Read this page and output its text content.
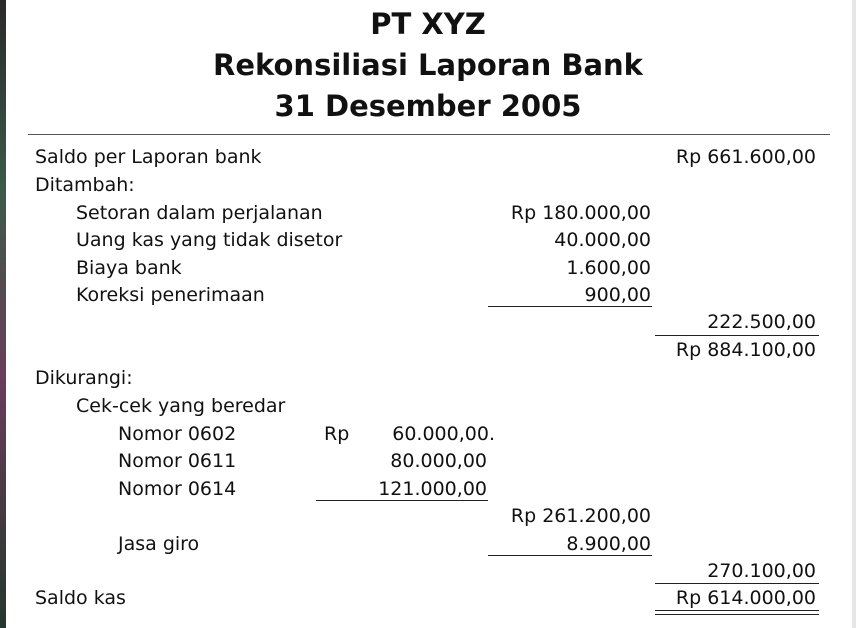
PT XYZ
Rekonsiliasi Laporan Bank
31 Desember 2005
Saldo per Laporan bank	Rp 661.600,00
Ditambah:
Setoran dalam perjalanan	Rp 180.000,00
Uang kas yang tidak disetor	40.000,00
Biaya bank	1.600,00
Koreksi penerimaan	900,00
222.500,00
Rp 884.100,00
Dikurangi:
Cek-cek yang beredar
Nomor 0602	Rp	60.000,00.
Nomor 0611	80.000,00
Nomor 0614	121.000,00
Rp 261.200,00
Jasa giro	8.900,00
270.100,00
Saldo kas	Rp 614.000,00
